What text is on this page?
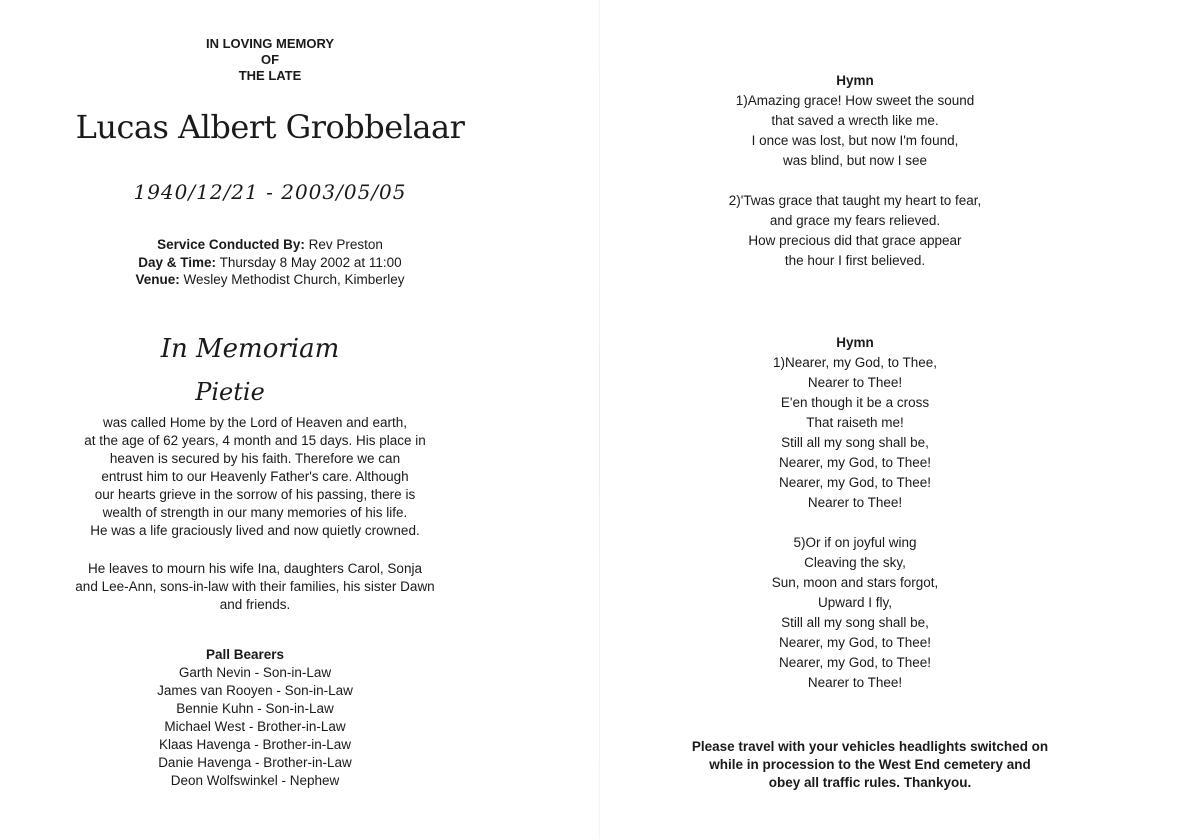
IN LOVING MEMORY
OF
THE LATE
Lucas Albert Grobbelaar
1940/12/21 - 2003/05/05
Service Conducted By: Rev Preston
Day & Time: Thursday 8 May 2002 at 11:00
Venue: Wesley Methodist Church, Kimberley
In Memoriam
Pietie

was called Home by the Lord of Heaven and earth,

at the age of 62 years, 4 month and 15 days. His place in

heaven is secured by his faith. Therefore we can

entrust him to our Heavenly Father's care. Although

our hearts grieve in the sorrow of his passing, there is

wealth of strength in our many memories of his life.

He was a life graciously lived and now quietly crowned.

He leaves to mourn his wife Ina, daughters Carol, Sonja
and Lee-Ann, sons-in-law with their families, his sister Dawn
and friends.
Pall Bearers
Garth Nevin - Son-in-Law
James van Rooyen - Son-in-Law
Bennie Kuhn - Son-in-Law
Michael West - Brother-in-Law
Klaas Havenga - Brother-in-Law
Danie Havenga - Brother-in-Law
Deon Wolfswinkel - Nephew
Hymn
1)Amazing grace! How sweet the sound
that saved a wrecth like me.
I once was lost, but now I'm found,
was blind, but now I see
2)'Twas grace that taught my heart to fear,
and grace my fears relieved.
How precious did that grace appear
the hour I first believed.
Hymn
1)Nearer, my God, to Thee,
Nearer to Thee!
E'en though it be a cross
That raiseth me!
Still all my song shall be,
Nearer, my God, to Thee!
Nearer, my God, to Thee!
Nearer to Thee!
5)Or if on joyful wing
Cleaving the sky,
Sun, moon and stars forgot,
Upward I fly,
Still all my song shall be,
Nearer, my God, to Thee!
Nearer, my God, to Thee!
Nearer to Thee!
Please travel with your vehicles headlights switched on
while in procession to the West End cemetery and
obey all traffic rules. Thankyou.
